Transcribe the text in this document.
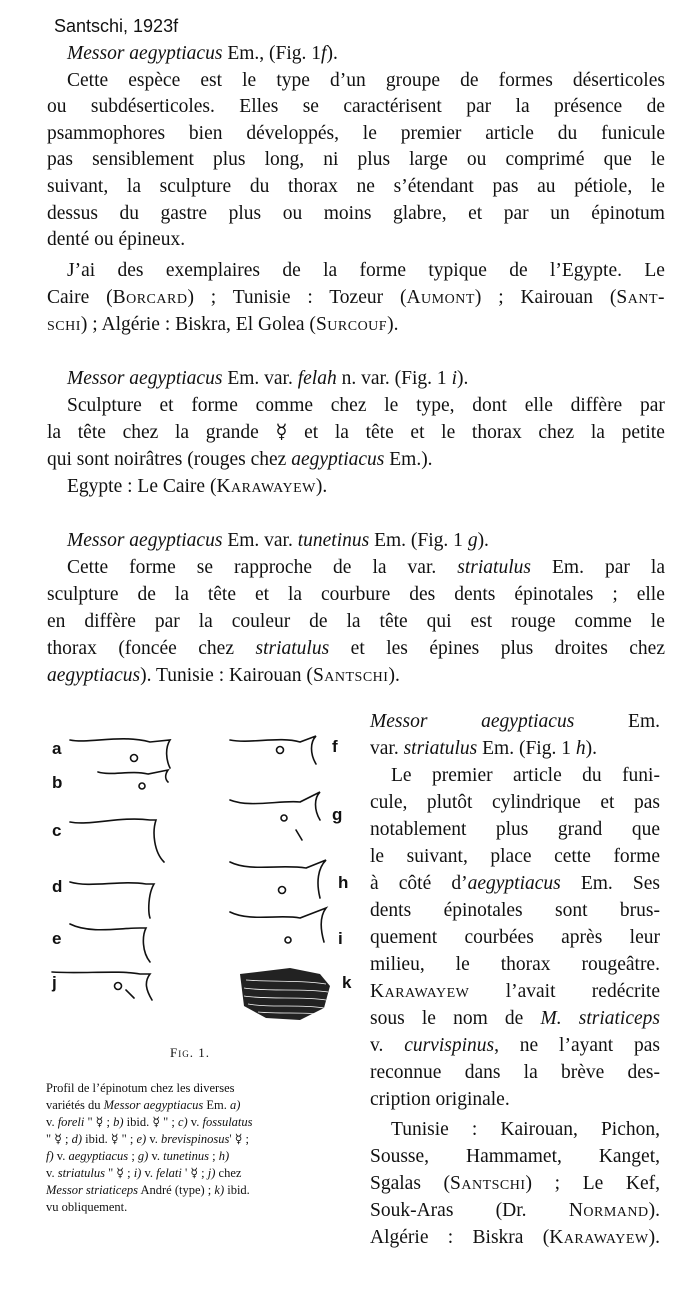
Santschi, 1923f
Messor aegyptiacus Em., (Fig. 1f).
Cette espèce est le type d’un groupe de formes déserticoles
ou subdéserticoles. Elles se caractérisent par la présence de
psammophores bien développés, le premier article du funicule
pas sensiblement plus long, ni plus large ou comprimé que le
suivant, la sculpture du thorax ne s’étendant pas au pétiole, le
dessus du gastre plus ou moins glabre, et par un épinotum
denté ou épineux.
J’ai des exemplaires de la forme typique de l’Egypte. Le
Caire (Borcard) ; Tunisie : Tozeur (Aumont) ; Kairouan (Sant-
schi) ; Algérie : Biskra, El Golea (Surcouf).
Messor aegyptiacus Em. var. felah n. var. (Fig. 1 i).
Sculpture et forme comme chez le type, dont elle diffère par
la tête chez la grande ☿ et la tête et le thorax chez la petite
qui sont noirâtres (rouges chez aegyptiacus Em.).
Egypte : Le Caire (Karawayew).
Messor aegyptiacus Em. var. tunetinus Em. (Fig. 1 g).
Cette forme se rapproche de la var. striatulus Em. par la
sculpture de la tête et la courbure des dents épinotales ; elle
en diffère par la couleur de la tête qui est rouge comme le
thorax (foncée chez striatulus et les épines plus droites chez
aegyptiacus). Tunisie : Kairouan (Santschi).
a
b
c
d
e
j
f
g
h
i
k
Fig. 1.
Profil de l’épinotum chez les diverses
variétés du Messor aegyptiacus Em. a)
v. foreli " ☿ ; b) ibid. ☿ " ; c) v. fossulatus
" ☿ ; d) ibid. ☿ " ; e) v. brevispinosus' ☿ ;
f) v. aegyptiacus ; g) v. tunetinus ; h)
v. striatulus " ☿ ; i) v. felati ' ☿ ; j) chez
Messor striaticeps André (type) ; k) ibid.
vu obliquement.
Messor	aegyptiacus	Em.
var. striatulus Em. (Fig. 1 h).
Le premier article du funi-
cule, plutôt cylindrique et pas
notablement plus grand que
le suivant, place cette forme
à côté d’aegyptiacus Em. Ses
dents épinotales sont brus-
quement courbées après leur
milieu, le thorax rougeâtre.
Karawayew l’avait redécrite
sous le nom de M. striaticeps
v. curvispinus, ne l’ayant pas
reconnue dans la brève des-
cription originale.
Tunisie : Kairouan, Pichon,
Sousse, Hammamet, Kanget,
Sgalas (Santschi) ; Le Kef,
Souk-Aras (Dr. Normand).
Algérie : Biskra (Karawayew).
